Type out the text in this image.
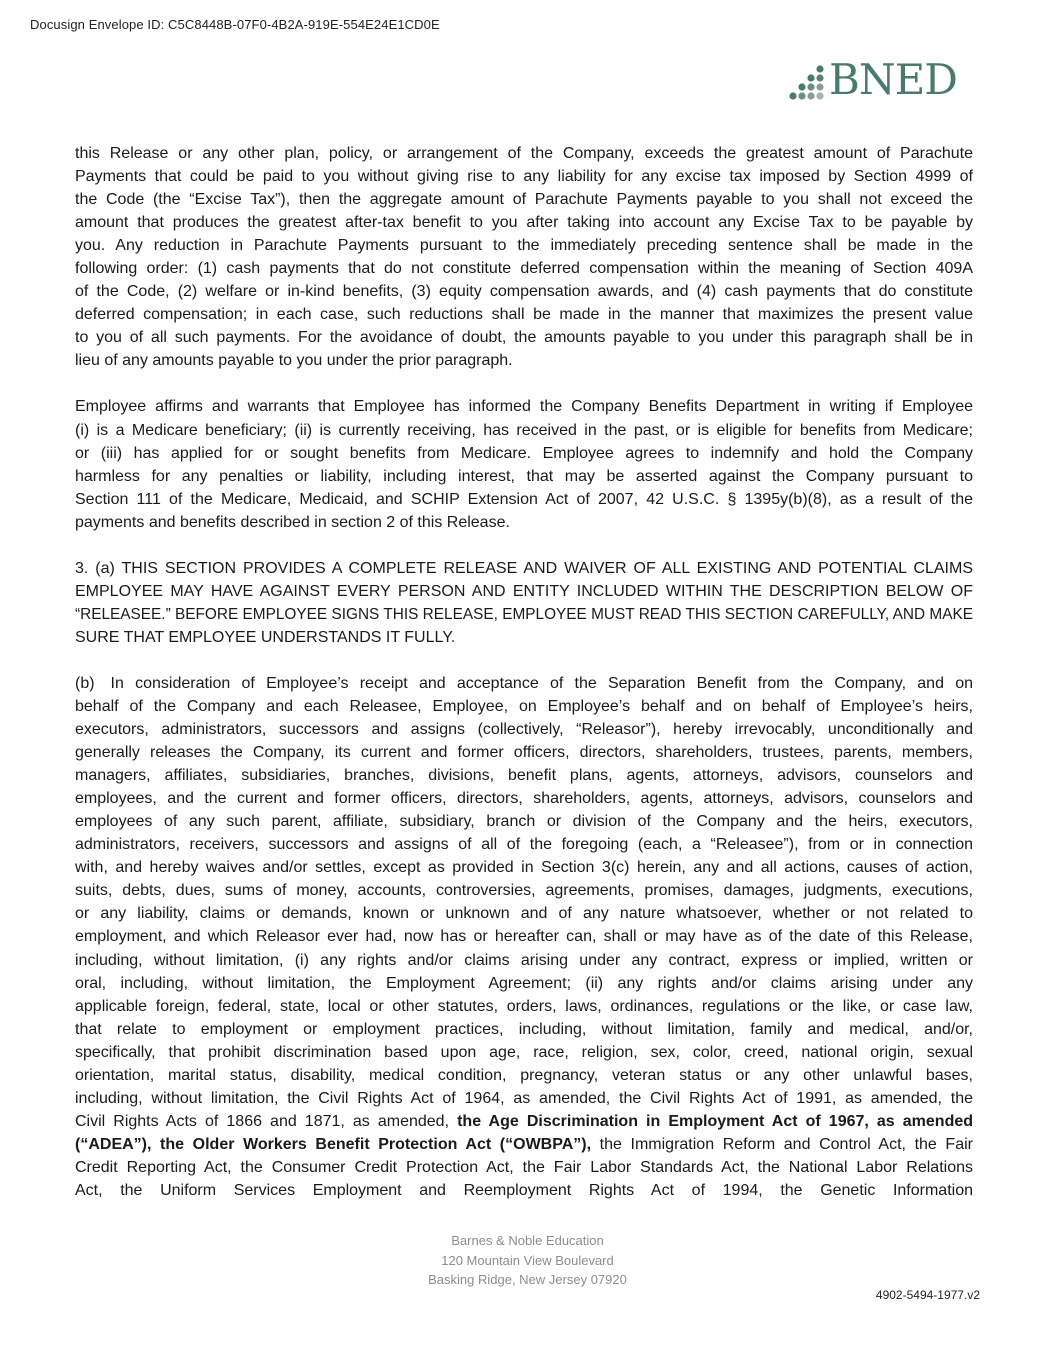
Docusign Envelope ID: C5C8448B-07F0-4B2A-919E-554E24E1CD0E
BNED
this Release or any other plan, policy, or arrangement of the Company, exceeds the greatest amount of Parachute
Payments that could be paid to you without giving rise to any liability for any excise tax imposed by Section 4999 of
the Code (the “Excise Tax”), then the aggregate amount of Parachute Payments payable to you shall not exceed the
amount that produces the greatest after-tax benefit to you after taking into account any Excise Tax to be payable by
you. Any reduction in Parachute Payments pursuant to the immediately preceding sentence shall be made in the
following order: (1) cash payments that do not constitute deferred compensation within the meaning of Section 409A
of the Code, (2) welfare or in-kind benefits, (3) equity compensation awards, and (4) cash payments that do constitute
deferred compensation; in each case, such reductions shall be made in the manner that maximizes the present value
to you of all such payments. For the avoidance of doubt, the amounts payable to you under this paragraph shall be in
lieu of any amounts payable to you under the prior paragraph.
Employee affirms and warrants that Employee has informed the Company Benefits Department in writing if Employee
(i) is a Medicare beneficiary; (ii) is currently receiving, has received in the past, or is eligible for benefits from Medicare;
or (iii) has applied for or sought benefits from Medicare. Employee agrees to indemnify and hold the Company
harmless for any penalties or liability, including interest, that may be asserted against the Company pursuant to
Section 111 of the Medicare, Medicaid, and SCHIP Extension Act of 2007, 42 U.S.C. § 1395y(b)(8), as a result of the
payments and benefits described in section 2 of this Release.
3. (a) THIS SECTION PROVIDES A COMPLETE RELEASE AND WAIVER OF ALL EXISTING AND POTENTIAL CLAIMS
EMPLOYEE MAY HAVE AGAINST EVERY PERSON AND ENTITY INCLUDED WITHIN THE DESCRIPTION BELOW OF
“RELEASEE.” BEFORE EMPLOYEE SIGNS THIS RELEASE, EMPLOYEE MUST READ THIS SECTION CAREFULLY, AND MAKE
SURE THAT EMPLOYEE UNDERSTANDS IT FULLY.
(b) In consideration of Employee’s receipt and acceptance of the Separation Benefit from the Company, and on
behalf of the Company and each Releasee, Employee, on Employee’s behalf and on behalf of Employee’s heirs,
executors, administrators, successors and assigns (collectively, “Releasor”), hereby irrevocably, unconditionally and
generally releases the Company, its current and former officers, directors, shareholders, trustees, parents, members,
managers, affiliates, subsidiaries, branches, divisions, benefit plans, agents, attorneys, advisors, counselors and
employees, and the current and former officers, directors, shareholders, agents, attorneys, advisors, counselors and
employees of any such parent, affiliate, subsidiary, branch or division of the Company and the heirs, executors,
administrators, receivers, successors and assigns of all of the foregoing (each, a “Releasee”), from or in connection
with, and hereby waives and/or settles, except as provided in Section 3(c) herein, any and all actions, causes of action,
suits, debts, dues, sums of money, accounts, controversies, agreements, promises, damages, judgments, executions,
or any liability, claims or demands, known or unknown and of any nature whatsoever, whether or not related to
employment, and which Releasor ever had, now has or hereafter can, shall or may have as of the date of this Release,
including, without limitation, (i) any rights and/or claims arising under any contract, express or implied, written or
oral, including, without limitation, the Employment Agreement; (ii) any rights and/or claims arising under any
applicable foreign, federal, state, local or other statutes, orders, laws, ordinances, regulations or the like, or case law,
that relate to employment or employment practices, including, without limitation, family and medical, and/or,
specifically, that prohibit discrimination based upon age, race, religion, sex, color, creed, national origin, sexual
orientation, marital status, disability, medical condition, pregnancy, veteran status or any other unlawful bases,
including, without limitation, the Civil Rights Act of 1964, as amended, the Civil Rights Act of 1991, as amended, the
Civil Rights Acts of 1866 and 1871, as amended, the Age Discrimination in Employment Act of 1967, as amended
(“ADEA”), the Older Workers Benefit Protection Act (“OWBPA”), the Immigration Reform and Control Act, the Fair
Credit Reporting Act, the Consumer Credit Protection Act, the Fair Labor Standards Act, the National Labor Relations
Act, the Uniform Services Employment and Reemployment Rights Act of 1994, the Genetic Information
Barnes & Noble Education
120 Mountain View Boulevard
Basking Ridge, New Jersey 07920
4902-5494-1977.v2
